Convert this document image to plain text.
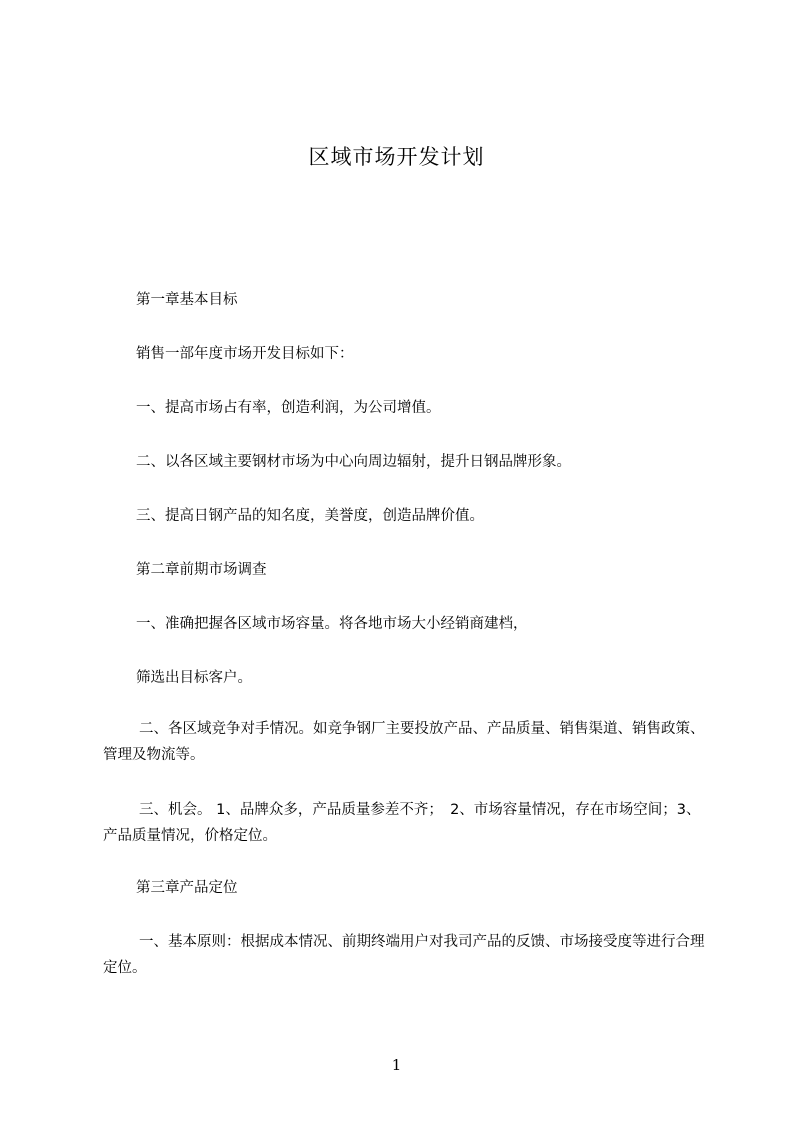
区域市场开发计划
第一章基本目标
销售一部年度市场开发目标如下：
一、提高市场占有率，创造利润，为公司增值。
二、以各区域主要钢材市场为中心向周边辐射，提升日钢品牌形象。
三、提高日钢产品的知名度，美誉度，创造品牌价值。
第二章前期市场调查
一、准确把握各区域市场容量。将各地市场大小经销商建档，
筛选出目标客户。
二、各区域竞争对手情况。如竞争钢厂主要投放产品、产品质量、销售渠道、销售政策、管理及物流等。
三、机会。 1、品牌众多，产品质量参差不齐；　2、市场容量情况，存在市场空间；3、产品质量情况，价格定位。
第三章产品定位
一、基本原则：根据成本情况、前期终端用户对我司产品的反馈、市场接受度等进行合理定位。
1
